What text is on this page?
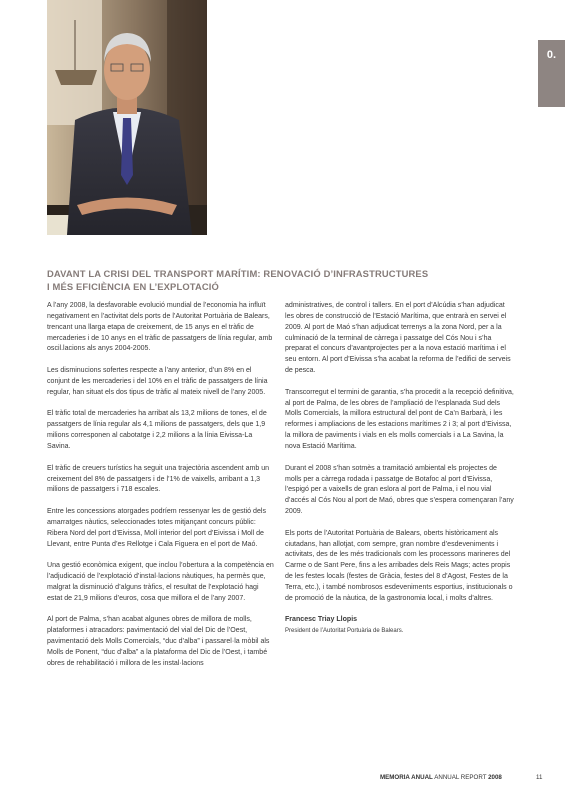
0.
DAVANT LA CRISI DEL TRANSPORT MARÍTIM: RENOVACIÓ D’INFRASTRUCTURES
I MÉS EFICIÈNCIA EN L’EXPLOTACIÓ

A l’any 2008, la desfavorable evolució mundial de l’economia ha influït negativament en l’activitat dels ports de l’Autoritat Portuària de Balears, trencant una llarga etapa de creixement, de 15 anys en el tràfic de mercaderies i de 10 anys en el tràfic de passatgers de línia regular, amb oscil.lacions als anys 2004-2005.

Les disminucions sofertes respecte a l’any anterior, d’un 8% en el conjunt de les mercaderies i del 10% en el tràfic de passatgers de línia regular, han situat els dos tipus de tràfic al mateix nivell de l’any 2005.

El tràfic total de mercaderies ha arribat als 13,2 milions de tones, el de passatgers de línia regular als 4,1 milions de passatgers, dels que 1,9 milions corresponen al cabotatge i 2,2 milions a la línia Eivissa-La Savina.

El tràfic de creuers turístics ha seguit una trajectòria ascendent amb un creixement del 8% de passatgers i de l’1% de vaixells, arribant a 1,3 milions de passatgers i 718 escales.

Entre les concessions atorgades podríem ressenyar les de gestió dels amarratges nàutics, seleccionades totes mitjançant concurs públic: Ribera Nord del port d’Eivissa, Moll interior del port d’Eivissa i Moll de Llevant, entre Punta d’es Rellotge i Cala Figuera en el port de Maó.

Una gestió econòmica exigent, que inclou l’obertura a la competència en l’adjudicació de l’explotació d’instal·lacions nàutiques, ha permès que, malgrat la disminució d’alguns tràfics, el resultat de l’explotació hagi estat de 21,9 milions d’euros, cosa que millora el de l’any 2007.

Al port de Palma, s’han acabat algunes obres de millora de molls, plataformes i atracadors: pavimentació del vial del Dic de l’Oest, pavimentació dels Molls Comercials, “duc d’alba” i passarel·la mòbil als Molls de Ponent, “duc d’alba” a la plataforma del Dic de l’Oest, i també obres de rehabilitació i millora de les instal·lacions

administratives, de control i tallers. En el port d’Alcúdia s’han adjudicat les obres de construcció de l’Estació Marítima, que entrarà en servei el 2009. Al port de Maó s’han adjudicat terrenys a la zona Nord, per a la culminació de la terminal de càrrega i passatge del Cós Nou i s’ha preparat el concurs d’avantprojectes per a la nova estació marítima i el seu entorn. Al port d’Eivissa s’ha acabat la reforma de l’edifici de serveis de pesca.

Transcorregut el termini de garantia, s’ha procedit a la recepció definitiva, al port de Palma, de les obres de l’ampliació de l’esplanada Sud dels Molls Comercials, la millora estructural del pont de Ca’n Barbarà, i les reformes i ampliacions de les estacions marítimes 2 i 3; al port d’Eivissa, la millora de paviments i vials en els molls comercials i a La Savina, la nova Estació Marítima.

Durant el 2008 s’han sotmès a tramitació ambiental els projectes de molls per a càrrega rodada i passatge de Botafoc al port d’Eivissa, l’espigó per a vaixells de gran eslora al port de Palma, i el nou vial d’accés al Cós Nou al port de Maó, obres que s’espera començaran l’any 2009.

Els ports de l’Autoritat Portuària de Balears, oberts històricament als ciutadans, han allotjat, com sempre, gran nombre d’esdeveniments i activitats, des de les més tradicionals com les processons marineres del Carme o de Sant Pere, fins a les arribades dels Reis Mags; actes propis de les festes locals (festes de Gràcia, festes del 8 d’Agost, Festes de la Terra, etc.), i també nombrosos esdeveniments esportius, institucionals o de promoció de la nàutica, de la gastronomia local, i molts d’altres.

Francesc Triay Llopis

President de l’Autoritat Portuària de Balears.

MEMORIA ANUAL ANNUAL REPORT 2008	11
